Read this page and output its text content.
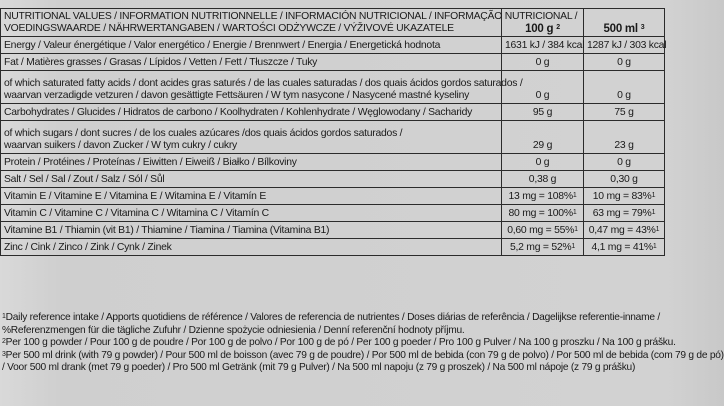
NUTRITIONAL VALUES / INFORMATION NUTRITIONNELLE / INFORMACIÓN NUTRICIONAL / INFORMAÇÃO NUTRICIONAL /
VOEDINGSWAARDE / NÄHRWERTANGABEN / WARTOŚCI ODŻYWCZE / VÝŽIVOVÉ UKAZATELE	100 g $^2$	500 ml $^3$

Energy / Valeur énergétique / Valor energético / Energie / Brennwert / Energia / Energetická hodnota	1631 kJ / 384 kcal	1287 kJ / 303 kcal

Fat / Matières grasses / Grasas / Lípidos / Vetten / Fett / Tłuszcze / Tuky	0 g	0 g

of which saturated fatty acids / dont acides gras saturés / de las cuales saturadas / dos quais ácidos gordos saturados /
waarvan verzadigde vetzuren / davon gesättigte Fettsäuren / W tym nasycone / Nasycené mastné kyseliny	0 g	0 g

Carbohydrates / Glucides / Hidratos de carbono / Koolhydraten / Kohlenhydrate / Węglowodany / Sacharidy	95 g	75 g

of which sugars / dont sucres / de los cuales azúcares /dos quais ácidos gordos saturados /
waarvan suikers / davon Zucker / W tym cukry / cukry	29 g	23 g

Protein / Protéines / Proteínas / Eiwitten / Eiweiß / Białko / Bílkoviny	0 g	0 g

Salt / Sel / Sal / Zout / Salz / Sól / Sůl	0,38 g	0,30 g

Vitamin E / Vitamine E / Vitamina E / Witamina E / Vitamín E	13 mg = 108%$^1$	10 mg = 83%$^1$

Vitamin C / Vitamine C / Vitamina C / Witamina C / Vitamín C	80 mg = 100%$^1$	63 mg = 79%$^1$

Vitamine B1 / Thiamin (vit B1) / Thiamine / Tiamina / Tiamina (Vitamina B1)	0,60 mg = 55%$^1$	0,47 mg = 43%$^1$

Zinc / Cink / Zinco / Zink / Cynk / Zinek	5,2 mg = 52%$^1$	4,1 mg = 41%$^1$
$^1$Daily reference intake / Apports quotidiens de référence / Valores de referencia de nutrientes / Doses diárias de referência / Dagelijkse referentie-inname /
%Referenzmengen für die tägliche Zufuhr / Dzienne spożycie odniesienia / Denní referenční hodnoty příjmu.
$^2$Per 100 g powder / Pour 100 g de poudre / Por 100 g de polvo / Por 100 g de pó / Per 100 g poeder / Pro 100 g Pulver / Na 100 g proszku / Na 100 g prášku.
$^3$Per 500 ml drink (with 79 g powder) / Pour 500 ml de boisson (avec 79 g de poudre) / Por 500 ml de bebida (con 79 g de polvo) / Por 500 ml de bebida (com 79 g de pó)
/ Voor 500 ml drank (met 79 g poeder) / Pro 500 ml Getränk (mit 79 g Pulver) / Na 500 ml napoju (z 79 g proszek) / Na 500 ml nápoje (z 79 g prášku)
